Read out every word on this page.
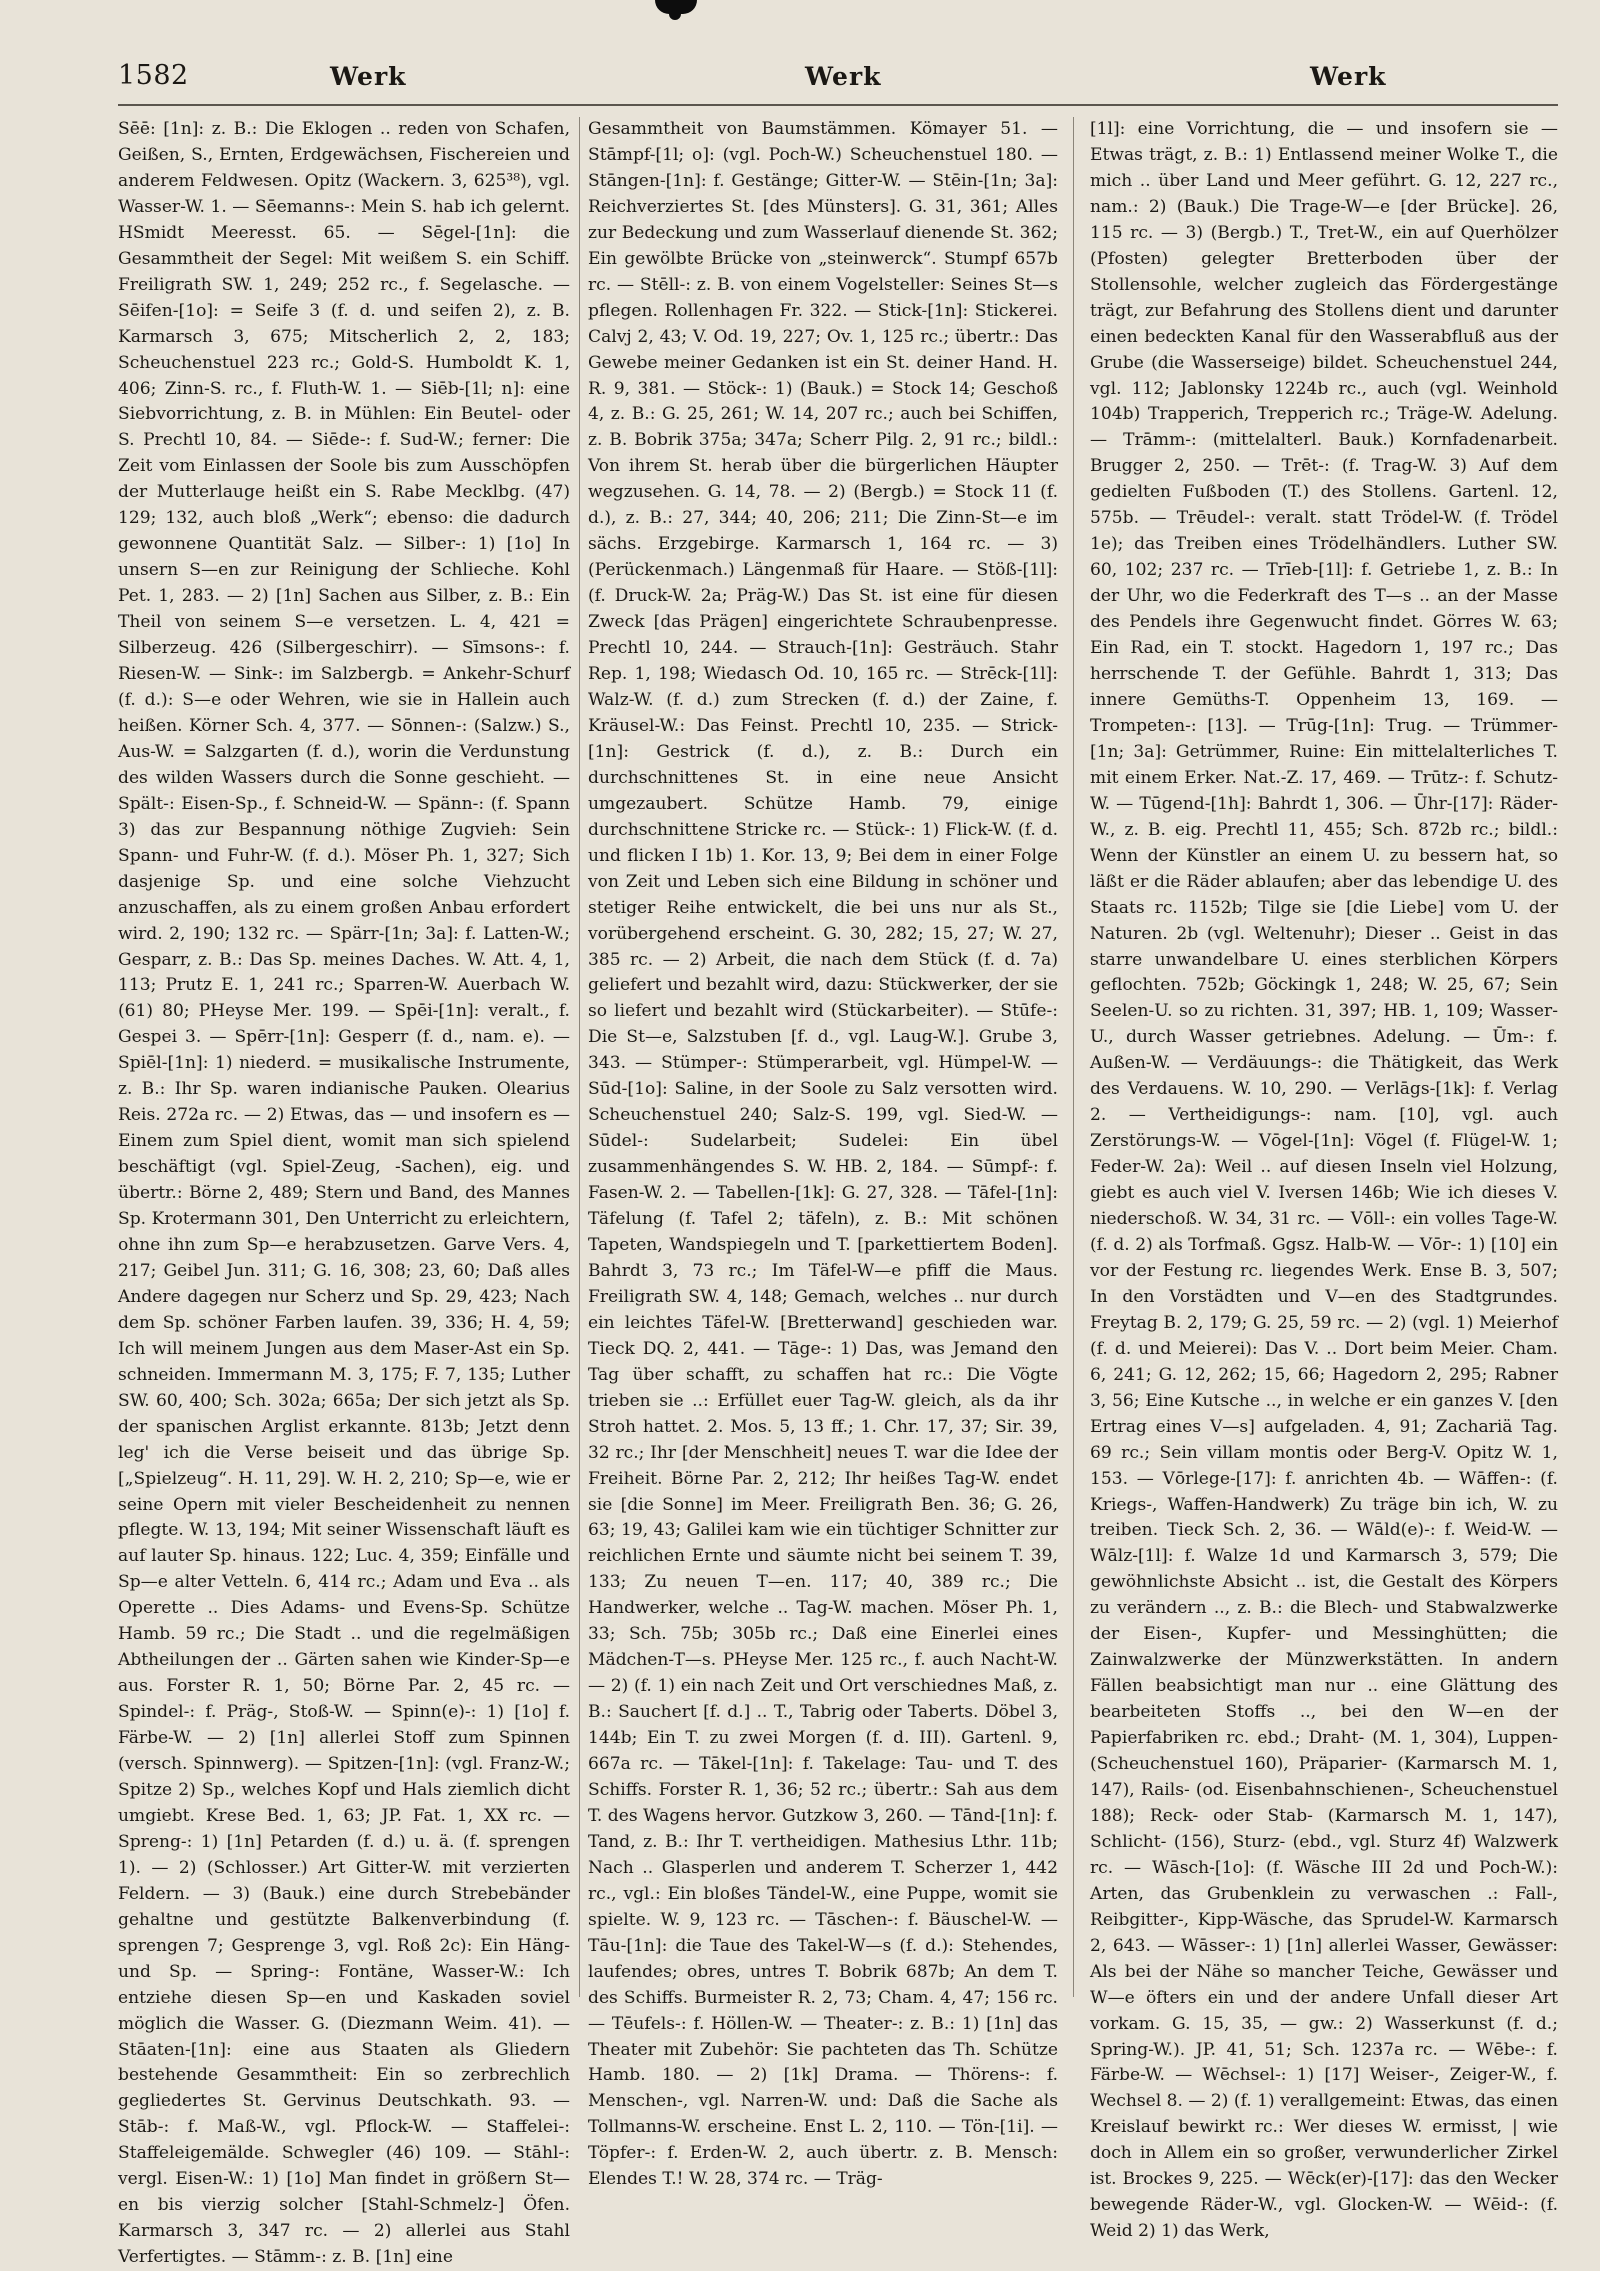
1582	Werk	Werk	Werk
Sēē: [1n]: z. B.: Die Eklogen .. reden von Schafen, Geißen, S., Ernten, Erdgewächsen, Fischereien und anderem Feldwesen. Opitz (Wackern. 3, 625³⁸), vgl. Wasser-W. 1. — Sēemanns-: Mein S. hab ich gelernt. HSmidt Meeresst. 65. — Sēgel-[1n]: die Gesammtheit der Segel: Mit weißem S. ein Schiff. Freiligrath SW. 1, 249; 252 rc., f. Segelasche. — Sēifen-[1o]: = Seife 3 (f. d. und seifen 2), z. B. Karmarsch 3, 675; Mitscherlich 2, 2, 183; Scheuchenstuel 223 rc.; Gold-S. Humboldt K. 1, 406; Zinn-S. rc., f. Fluth-W. 1. — Siēb-[1l; n]: eine Siebvorrichtung, z. B. in Mühlen: Ein Beutel- oder S. Prechtl 10, 84. — Siēde-: f. Sud-W.; ferner: Die Zeit vom Einlassen der Soole bis zum Ausschöpfen der Mutterlauge heißt ein S. Rabe Mecklbg. (47) 129; 132, auch bloß „Werk“; ebenso: die dadurch gewonnene Quantität Salz. — Silber-: 1) [1o] In unsern S—en zur Reinigung der Schlieche. Kohl Pet. 1, 283. — 2) [1n] Sachen aus Silber, z. B.: Ein Theil von seinem S—e versetzen. L. 4, 421 = Silberzeug. 426 (Silbergeschirr). — Sīmsons-: f. Riesen-W. — Sink-: im Salzbergb. = Ankehr-Schurf (f. d.): S—e oder Wehren, wie sie in Hallein auch heißen. Körner Sch. 4, 377. — Sōnnen-: (Salzw.) S., Aus-W. = Salzgarten (f. d.), worin die Verdunstung des wilden Wassers durch die Sonne geschieht. — Spält-: Eisen-Sp., f. Schneid-W. — Spänn-: (f. Spann 3) das zur Bespannung nöthige Zugvieh: Sein Spann- und Fuhr-W. (f. d.). Möser Ph. 1, 327; Sich dasjenige Sp. und eine solche Viehzucht anzuschaffen, als zu einem großen Anbau erfordert wird. 2, 190; 132 rc. — Spärr-[1n; 3a]: f. Latten-W.; Gesparr, z. B.: Das Sp. meines Daches. W. Att. 4, 1, 113; Prutz E. 1, 241 rc.; Sparren-W. Auerbach W. (61) 80; PHeyse Mer. 199. — Spēi-[1n]: veralt., f. Gespei 3. — Spērr-[1n]: Gesperr (f. d., nam. e). — Spiēl-[1n]: 1) niederd. = musikalische Instrumente, z. B.: Ihr Sp. waren indianische Pauken. Olearius Reis. 272a rc. — 2) Etwas, das — und insofern es — Einem zum Spiel dient, womit man sich spielend beschäftigt (vgl. Spiel-Zeug, -Sachen), eig. und übertr.: Börne 2, 489; Stern und Band, des Mannes Sp. Krotermann 301, Den Unterricht zu erleichtern, ohne ihn zum Sp—e herabzusetzen. Garve Vers. 4, 217; Geibel Jun. 311; G. 16, 308; 23, 60; Daß alles Andere dagegen nur Scherz und Sp. 29, 423; Nach dem Sp. schöner Farben laufen. 39, 336; H. 4, 59; Ich will meinem Jungen aus dem Maser-Ast ein Sp. schneiden. Immermann M. 3, 175; F. 7, 135; Luther SW. 60, 400; Sch. 302a; 665a; Der sich jetzt als Sp. der spanischen Arglist erkannte. 813b; Jetzt denn leg' ich die Verse beiseit und das übrige Sp. [„Spielzeug“. H. 11, 29]. W. H. 2, 210; Sp—e, wie er seine Opern mit vieler Bescheidenheit zu nennen pflegte. W. 13, 194; Mit seiner Wissenschaft läuft es auf lauter Sp. hinaus. 122; Luc. 4, 359; Einfälle und Sp—e alter Vetteln. 6, 414 rc.; Adam und Eva .. als Operette .. Dies Adams- und Evens-Sp. Schütze Hamb. 59 rc.; Die Stadt .. und die regelmäßigen Abtheilungen der .. Gärten sahen wie Kinder-Sp—e aus. Forster R. 1, 50; Börne Par. 2, 45 rc. — Spindel-: f. Präg-, Stoß-W. — Spinn(e)-: 1) [1o] f. Färbe-W. — 2) [1n] allerlei Stoff zum Spinnen (versch. Spinnwerg). — Spitzen-[1n]: (vgl. Franz-W.; Spitze 2) Sp., welches Kopf und Hals ziemlich dicht umgiebt. Krese Bed. 1, 63; JP. Fat. 1, XX rc. — Spreng-: 1) [1n] Petarden (f. d.) u. ä. (f. sprengen 1). — 2) (Schlosser.) Art Gitter-W. mit verzierten Feldern. — 3) (Bauk.) eine durch Strebebänder gehaltne und gestützte Balkenverbindung (f. sprengen 7; Gesprengе 3, vgl. Roß 2c): Ein Häng- und Sp. — Spring-: Fontäne, Wasser-W.: Ich entziehe diesen Sp—en und Kaskaden soviel möglich die Wasser. G. (Diezmann Weim. 41). — Stāaten-[1n]: eine aus Staaten als Gliedern bestehende Gesammtheit: Ein so zerbrechlich gegliedertes St. Gervinus Deutschkath. 93. — Stāb-: f. Maß-W., vgl. Pflock-W. — Staffelei-: Staffeleigemälde. Schwegler (46) 109. — Stāhl-: vergl. Eisen-W.: 1) [1o] Man findet in größern St—en bis vierzig solcher [Stahl-Schmelz-] Öfen. Karmarsch 3, 347 rc. — 2) allerlei aus Stahl Verfertigtes. — Stāmm-: z. B. [1n] eine
Gesammtheit von Baumstämmen. Kömayer 51. — Stāmpf-[1l; o]: (vgl. Poch-W.) Scheuchenstuel 180. — Stāngen-[1n]: f. Gestänge; Gitter-W. — Stēin-[1n; 3a]: Reichverziertes St. [des Münsters]. G. 31, 361; Alles zur Bedeckung und zum Wasserlauf dienende St. 362; Ein gewölbte Brücke von „steinwerck“. Stumpf 657b rc. — Stēll-: z. B. von einem Vogelsteller: Seines St—s pflegen. Rollenhagen Fr. 322. — Stick-[1n]: Stickerei. Calvj 2, 43; V. Od. 19, 227; Ov. 1, 125 rc.; übertr.: Das Gewebe meiner Gedanken ist ein St. deiner Hand. H. R. 9, 381. — Stöck-: 1) (Bauk.) = Stock 14; Geschoß 4, z. B.: G. 25, 261; W. 14, 207 rc.; auch bei Schiffen, z. B. Bobrik 375a; 347a; Scherr Pilg. 2, 91 rc.; bildl.: Von ihrem St. herab über die bürgerlichen Häupter wegzusehen. G. 14, 78. — 2) (Bergb.) = Stock 11 (f. d.), z. B.: 27, 344; 40, 206; 211; Die Zinn-St—e im sächs. Erzgebirge. Karmarsch 1, 164 rc. — 3) (Perückenmach.) Längenmaß für Haare. — Stöß-[1l]: (f. Druck-W. 2a; Präg-W.) Das St. ist eine für diesen Zweck [das Prägen] eingerichtete Schraubenpresse. Prechtl 10, 244. — Strauch-[1n]: Gesträuch. Stahr Rep. 1, 198; Wiedasch Od. 10, 165 rc. — Strēck-[1l]: Walz-W. (f. d.) zum Strecken (f. d.) der Zaine, f. Kräusel-W.: Das Feinst. Prechtl 10, 235. — Strick-[1n]: Gestrick (f. d.), z. B.: Durch ein durchschnittenes St. in eine neue Ansicht umgezaubert. Schütze Hamb. 79, einige durchschnittene Stricke rc. — Stück-: 1) Flick-W. (f. d. und flicken I 1b) 1. Kor. 13, 9; Bei dem in einer Folge von Zeit und Leben sich eine Bildung in schöner und stetiger Reihe entwickelt, die bei uns nur als St., vorübergehend erscheint. G. 30, 282; 15, 27; W. 27, 385 rc. — 2) Arbeit, die nach dem Stück (f. d. 7a) geliefert und bezahlt wird, dazu: Stückwerker, der sie so liefert und bezahlt wird (Stückarbeiter). — Stūfe-: Die St—e, Salzstuben [f. d., vgl. Laug-W.]. Grube 3, 343. — Stümper-: Stümperarbeit, vgl. Hümpel-W. — Sūd-[1o]: Saline, in der Soole zu Salz versotten wird. Scheuchenstuel 240; Salz-S. 199, vgl. Sied-W. — Sūdel-: Sudelarbeit; Sudelei: Ein übel zusammenhängendes S. W. HB. 2, 184. — Sūmpf-: f. Fasen-W. 2. — Tabellen-[1k]: G. 27, 328. — Tāfel-[1n]: Täfelung (f. Tafel 2; täfeln), z. B.: Mit schönen Tapeten, Wandspiegeln und T. [parkettiertem Boden]. Bahrdt 3, 73 rc.; Im Täfel-W—e pfiff die Maus. Freiligrath SW. 4, 148; Gemach, welches .. nur durch ein leichtes Täfel-W. [Bretterwand] geschieden war. Tieck DQ. 2, 441. — Tāge-: 1) Das, was Jemand den Tag über schafft, zu schaffen hat rc.: Die Vögte trieben sie ..: Erfüllet euer Tag-W. gleich, als da ihr Stroh hattet. 2. Mos. 5, 13 ff.; 1. Chr. 17, 37; Sir. 39, 32 rc.; Ihr [der Menschheit] neues T. war die Idee der Freiheit. Börne Par. 2, 212; Ihr heißes Tag-W. endet sie [die Sonne] im Meer. Freiligrath Ben. 36; G. 26, 63; 19, 43; Galilei kam wie ein tüchtiger Schnitter zur reichlichen Ernte und säumte nicht bei seinem T. 39, 133; Zu neuen T—en. 117; 40, 389 rc.; Die Handwerker, welche .. Tag-W. machen. Möser Ph. 1, 33; Sch. 75b; 305b rc.; Daß eine Einerlei eines Mädchen-T—s. PHeyse Mer. 125 rc., f. auch Nacht-W. — 2) (f. 1) ein nach Zeit und Ort verschiednes Maß, z. B.: Sauchert [f. d.] .. T., Tabrig oder Taberts. Döbel 3, 144b; Ein T. zu zwei Morgen (f. d. III). Gartenl. 9, 667a rc. — Tākel-[1n]: f. Takelage: Tau- und T. des Schiffs. Forster R. 1, 36; 52 rc.; übertr.: Sah aus dem T. des Wagens hervor. Gutzkow 3, 260. — Tānd-[1n]: f. Tand, z. B.: Ihr T. vertheidigen. Mathesius Lthr. 11b; Nach .. Glasperlen und anderem T. Scherzer 1, 442 rc., vgl.: Ein bloßes Tändel-W., eine Puppe, womit sie spielte. W. 9, 123 rc. — Tāschen-: f. Bäuschel-W. — Tāu-[1n]: die Taue des Takel-W—s (f. d.): Stehendes, laufendes; obres, untres T. Bobrik 687b; An dem T. des Schiffs. Burmeister R. 2, 73; Cham. 4, 47; 156 rc. — Tēufels-: f. Höllen-W. — Theater-: z. B.: 1) [1n] das Theater mit Zubehör: Sie pachteten das Th. Schütze Hamb. 180. — 2) [1k] Drama. — Thörens-: f. Menschen-, vgl. Narren-W. und: Daß die Sache als Tollmanns-W. erscheine. Enst L. 2, 110. — Tön-[1i]. — Töpfer-: f. Erden-W. 2, auch übertr. z. B. Mensch: Elendes T.! W. 28, 374 rc. — Träg-
[1l]: eine Vorrichtung, die — und insofern sie — Etwas trägt, z. B.: 1) Entlassend meiner Wolke T., die mich .. über Land und Meer geführt. G. 12, 227 rc., nam.: 2) (Bauk.) Die Trage-W—e [der Brücke]. 26, 115 rc. — 3) (Bergb.) T., Tret-W., ein auf Querhölzer (Pfosten) gelegter Bretterboden über der Stollensohle, welcher zugleich das Fördergestänge trägt, zur Befahrung des Stollens dient und darunter einen bedeckten Kanal für den Wasserabfluß aus der Grube (die Wasserseige) bildet. Scheuchenstuel 244, vgl. 112; Jablonsky 1224b rc., auch (vgl. Weinhold 104b) Trapperich, Trepperich rc.; Träge-W. Adelung. — Trāmm-: (mittelalterl. Bauk.) Kornfadenarbeit. Brugger 2, 250. — Trēt-: (f. Trag-W. 3) Auf dem gedielten Fußboden (T.) des Stollens. Gartenl. 12, 575b. — Trēudel-: veralt. statt Trödel-W. (f. Trödel 1e); das Treiben eines Trödelhändlers. Luther SW. 60, 102; 237 rc. — Trīeb-[1l]: f. Getriebe 1, z. B.: In der Uhr, wo die Federkraft des T—s .. an der Masse des Pendels ihre Gegenwucht findet. Görres W. 63; Ein Rad, ein T. stockt. Hagedorn 1, 197 rc.; Das herrschende T. der Gefühle. Bahrdt 1, 313; Das innere Gemüths-T. Oppenheim 13, 169. — Trompeten-: [13]. — Trūg-[1n]: Trug. — Trümmer-[1n; 3a]: Getrümmer, Ruine: Ein mittelalterliches T. mit einem Erker. Nat.-Z. 17, 469. — Trūtz-: f. Schutz-W. — Tūgend-[1h]: Bahrdt 1, 306. — Ūhr-[17]: Räder-W., z. B. eig. Prechtl 11, 455; Sch. 872b rc.; bildl.: Wenn der Künstler an einem U. zu bessern hat, so läßt er die Räder ablaufen; aber das lebendige U. des Staats rc. 1152b; Tilge sie [die Liebe] vom U. der Naturen. 2b (vgl. Weltenuhr); Dieser .. Geist in das starre unwandelbare U. eines sterblichen Körpers geflochten. 752b; Göckingk 1, 248; W. 25, 67; Sein Seelen-U. so zu richten. 31, 397; HB. 1, 109; Wasser-U., durch Wasser getriebnes. Adelung. — Ūm-: f. Außen-W. — Verdäuungs-: die Thätigkeit, das Werk des Verdauens. W. 10, 290. — Verlāgs-[1k]: f. Verlag 2. — Vertheidigungs-: nam. [10], vgl. auch Zerstörungs-W. — Vōgel-[1n]: Vögel (f. Flügel-W. 1; Feder-W. 2a): Weil .. auf diesen Inseln viel Holzung, giebt es auch viel V. Iversen 146b; Wie ich dieses V. niederschoß. W. 34, 31 rc. — Vōll-: ein volles Tage-W. (f. d. 2) als Torfmaß. Ggsz. Halb-W. — Vōr-: 1) [10] ein vor der Festung rc. liegendes Werk. Ense B. 3, 507; In den Vorstädten und V—en des Stadtgrundes. Freytag B. 2, 179; G. 25, 59 rc. — 2) (vgl. 1) Meierhof (f. d. und Meierei): Das V. .. Dort beim Meier. Cham. 6, 241; G. 12, 262; 15, 66; Hagedorn 2, 295; Rabner 3, 56; Eine Kutsche .., in welche er ein ganzes V. [den Ertrag eines V—s] aufgeladen. 4, 91; Zachariä Tag. 69 rc.; Sein villam montis oder Berg-V. Opitz W. 1, 153. — Vōrlege-[17]: f. anrichten 4b. — Wāffen-: (f. Kriegs-, Waffen-Handwerk) Zu träge bin ich, W. zu treiben. Tieck Sch. 2, 36. — Wāld(e)-: f. Weid-W. — Wālz-[1l]: f. Walze 1d und Karmarsch 3, 579; Die gewöhnlichste Absicht .. ist, die Gestalt des Körpers zu verändern .., z. B.: die Blech- und Stabwalzwerke der Eisen-, Kupfer- und Messinghütten; die Zainwalzwerke der Münzwerkstätten. In andern Fällen beabsichtigt man nur .. eine Glättung des bearbeiteten Stoffs .., bei den W—en der Papierfabriken rc. ebd.; Draht- (M. 1, 304), Luppen- (Scheuchenstuel 160), Präparier- (Karmarsch M. 1, 147), Rails- (od. Eisenbahnschienen-, Scheuchenstuel 188); Reck- oder Stab- (Karmarsch M. 1, 147), Schlicht- (156), Sturz- (ebd., vgl. Sturz 4f) Walzwerk rc. — Wāsch-[1o]: (f. Wäsche III 2d und Poch-W.): Arten, das Grubenklein zu verwaschen .: Fall-, Reibgitter-, Kipp-Wäsche, das Sprudel-W. Karmarsch 2, 643. — Wāsser-: 1) [1n] allerlei Wasser, Gewässer: Als bei der Nähe so mancher Teiche, Gewässer und W—e öfters ein und der andere Unfall dieser Art vorkam. G. 15, 35, — gw.: 2) Wasserkunst (f. d.; Spring-W.). JP. 41, 51; Sch. 1237a rc. — Wēbe-: f. Färbe-W. — Wēchsel-: 1) [17] Weiser-, Zeiger-W., f. Wechsel 8. — 2) (f. 1) verallgemeint: Etwas, das einen Kreislauf bewirkt rc.: Wer dieses W. ermisst, | wie doch in Allem ein so großer, verwunderlicher Zirkel ist. Brockes 9, 225. — Wēck(er)-[17]: das den Wecker bewegende Räder-W., vgl. Glocken-W. — Wēid-: (f. Weid 2) 1) das Werk,
